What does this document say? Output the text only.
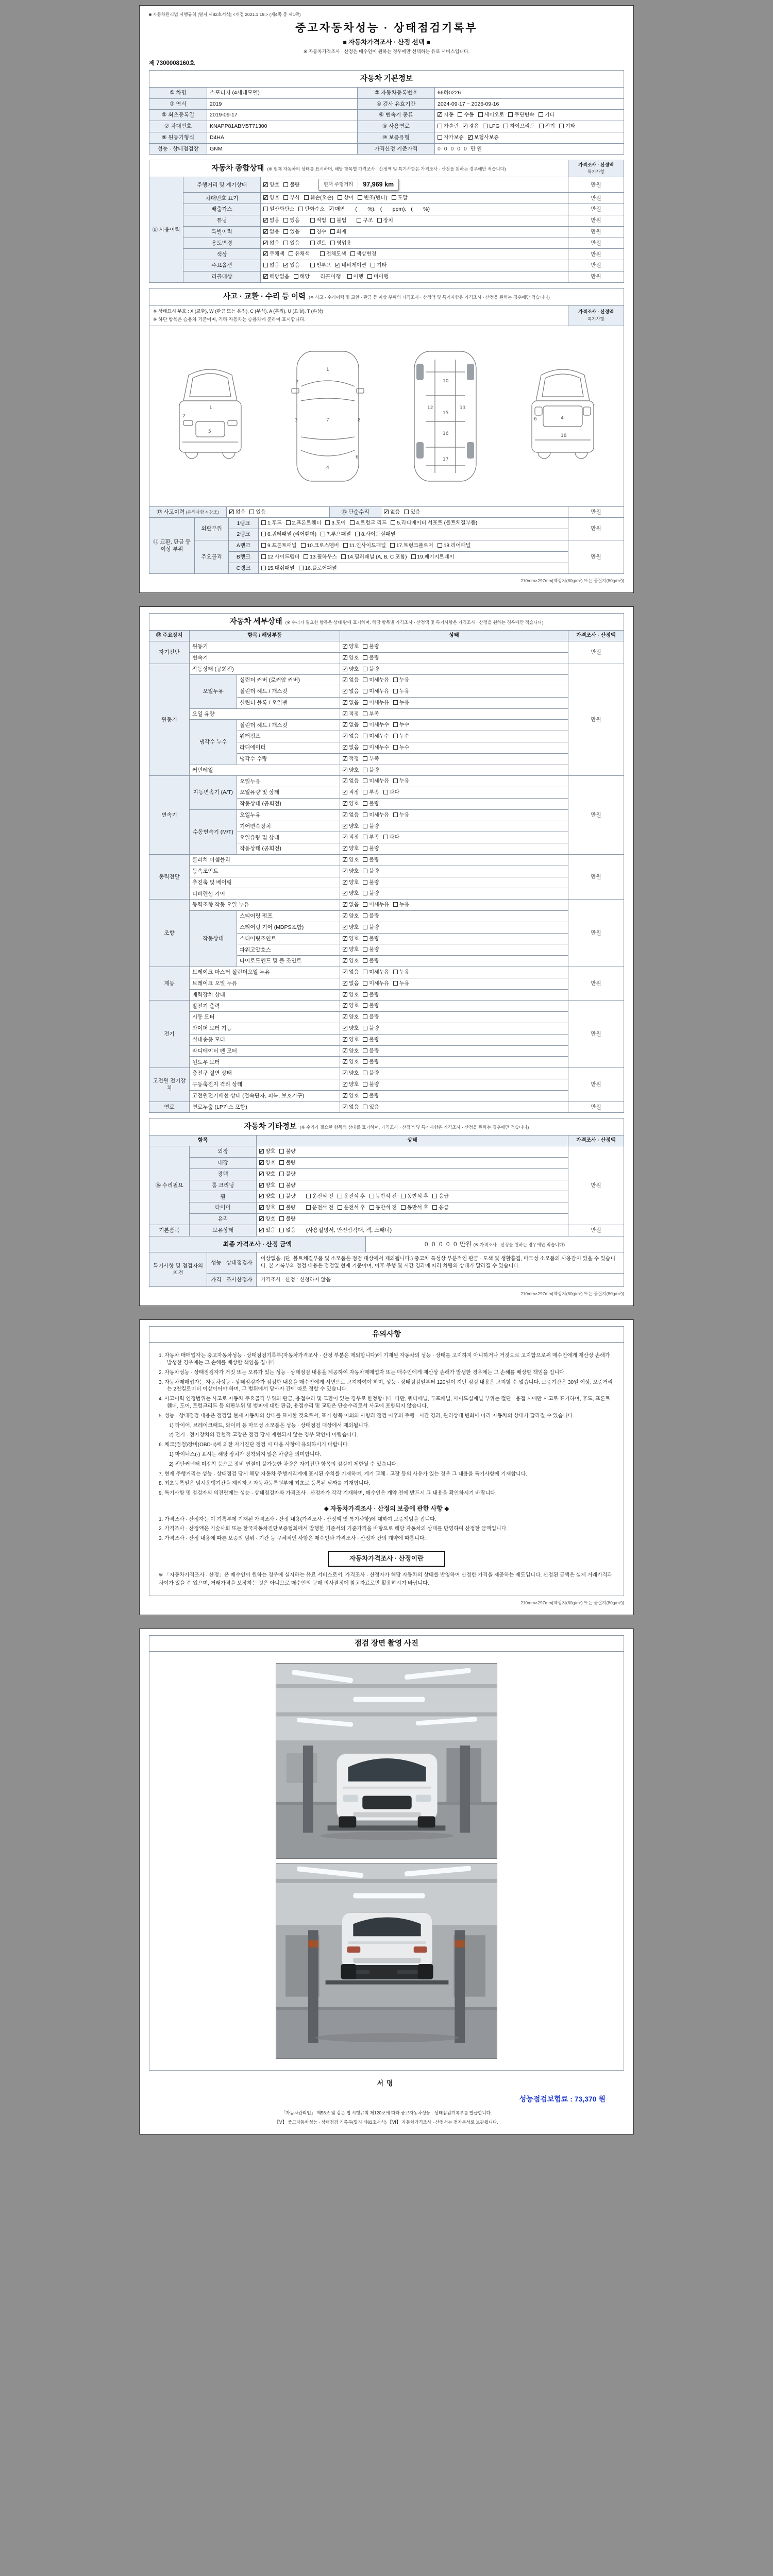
■ 자동차관리법 시행규칙 [별지 제82호서식] <개정 2021.1.19.> (제4쪽 중 제1쪽)
중고자동차성능 · 상태점검기록부
■ 자동차가격조사 · 산정 선택 ■
※ 자동차가격조사 · 산정은 매수인이 원하는 경우에만 선택하는 유료 서비스입니다.
제 7300008160호
자동차 기본정보			
① 차명	스포티지 (4세대모델)	② 자동차등록번호	66하0226
③ 연식	2019	④ 검사 유효기간	2024-09-17 ~ 2026-09-16
⑤ 최초등록일	2019-09-17	⑥ 변속기 종류	✓자동 수동 세미오토 무단변속 기타
⑦ 차대번호	KNAPP81ABM5T71300	⑧ 사용연료	가솔린 ✓ 경유 LPG 하이브리드 전기 기타
⑨ 원동기형식	D4HA	⑩ 보증유형	자가보증 ✓ 보험사보증
성능 · 상태점검장	GNM	가격산정 기준가격	0 0 0 0 0 만원
자동차 종합상태 (※ 현재 자동차의 상태를 표시하며, 해당 항목별 가격조사 · 산정액 및 특기사항은 가격조사 · 산정을 원하는 경우에만 적습니다)			가격조사 · 산정액
특기사항

⑪ 사용이력	주행거리 및 계기상태	✓양호 불량 현재 주행거리 97,969 km	만원
	차대번호 표기	✓양호 부식 훼손(오손) 상이 변조(변타) 도말	만원
	배출가스	일산화탄소 탄화수소 ✓ 매연 (       %),   (       ppm),   (       %)	만원
	튜닝	✓없음 있음 적법 불법 구조 장치	만원
	특별이력	✓없음 있음 침수 화재	만원
	용도변경	✓없음 있음 렌트 영업용	만원
	색상	✓무채색 유채색 전체도색 색상변경	만원
	주요옵션	없음 ✓ 있음 썬루프 ✓ 네비게이션 기타	만원
	리콜대상	✓해당없음 해당 리콜이행 이행 미이행	만원
사고 · 교환 · 수리 등 이력 (※ 사고 · 수리이력 및 교환 · 판금 등 이상 부위의 가격조사 · 산정액 및 특기사항은 가격조사 · 산정을 원하는 경우에만 적습니다)

※ 상태표시 부호 : X (교환), W (판금 또는 용접), C (부식), A (흠집), U (요철), T (손상)
※ 하단 항목은 승용차 기준이며, 기타 자동차는 승용차에 준하여 표시합니다.
	가격조사 · 산정액
특기사항

1
2
5
1
7
4
3	8
6
2	10
12
15
16
17
13
4
6
18
⑫ 사고이력 (유의사항 4 참조)	✓없음 있음	⑬ 단순수리	✓없음 있음	만원
⑭ 교환, 판금 등 이상 부위	외판부위	1랭크	1.후드 2.프론트휀더 3.도어 4.트렁크 리드 5.라디에이터 서포트 (볼트체결부품)	만원
		2랭크	6.쿼터패널 (리어휀더) 7.루프패널 8.사이드실패널	
	주요골격	A랭크	9.프론트패널 10.크로스멤버 11.인사이드패널 17.트렁크플로어 18.리어패널	만원
		B랭크	12.사이드멤버 13.휠하우스 14.필러패널 (A, B, C 포함) 19.패키지트레이	
		C랭크	15.대쉬패널 16.플로어패널	
210mm×297mm[백상지(80g/m²) 또는 중질지(80g/m²)]
자동차 세부상태 (※ 수리가 필요한 항목은 상태 란에 표기하며, 해당 항목별 가격조사 · 산정액 및 특기사항은 가격조사 · 산정을 원하는 경우에만 적습니다)				
⑮ 주요장치	항목 / 해당부품		상태	가격조사 · 산정액
자기진단	원동기	✓양호 불량	만원
	변속기	✓양호 불량
원동기	작동상태 (공회전)	✓양호 불량	만원
	오일누유	실린더 커버 (로커암 커버)	✓없음 미세누유 누유
		실린더 헤드 / 개스킷	✓없음 미세누유 누유
		실린더 블록 / 오일팬	✓없음 미세누유 누유
	오일 유량	✓적정 부족
	냉각수 누수	실린더 헤드 / 개스킷	✓없음 미세누수 누수
		워터펌프	✓없음 미세누수 누수
		라디에이터	✓없음 미세누수 누수
		냉각수 수량	✓적정 부족
	커먼레일	✓양호 불량
변속기	자동변속기 (A/T)	오일누유	✓없음 미세누유 누유	만원
		오일유량 및 상태	✓적정 부족 과다
		작동상태 (공회전)	✓양호 불량
	수동변속기 (M/T)	오일누유	✓없음 미세누유 누유
		기어변속장치	✓양호 불량
		오일유량 및 상태	✓적정 부족 과다
		작동상태 (공회전)	✓양호 불량
동력전달	클러치 어셈블리	✓양호 불량	만원
	등속조인트	✓양호 불량
	추진축 및 베어링	✓양호 불량
	디퍼렌셜 기어	✓양호 불량
조향	동력조향 작동 오일 누유	✓없음 미세누유 누유	만원
	작동상태	스티어링 펌프	✓양호 불량
		스티어링 기어 (MDPS포함)	✓양호 불량
		스티어링조인트	✓양호 불량
		파워고압호스	✓양호 불량
		타이로드엔드 및 볼 조인트	✓양호 불량
제동	브레이크 마스터 실린더오일 누유	✓없음 미세누유 누유	만원
	브레이크 오일 누유	✓없음 미세누유 누유
	배력장치 상태	✓양호 불량
전기	발전기 출력	✓양호 불량	만원
	시동 모터	✓양호 불량
	와이퍼 모터 기능	✓양호 불량
	실내송풍 모터	✓양호 불량
	라디에이터 팬 모터	✓양호 불량
	윈도우 모터	✓양호 불량
고전원 전기장치	충전구 절연 상태	✓양호 불량	만원
	구동축전지 격리 상태	✓양호 불량
	고전원전기배선 상태 (접속단자, 피복, 보호기구)	✓양호 불량
연료	연료누출 (LP가스 포함)	✓없음 있음	만원
자동차 기타정보 (※ 수리가 필요한 항목의 상태를 표기하며, 가격조사 · 산정액 및 특기사항은 가격조사 · 산정을 원하는 경우에만 적습니다)			
항목		상태	가격조사 · 산정액
⑯ 수리필요	외장	✓양호 불량	만원
	내장	✓양호 불량
	광택	✓양호 불량
	룸 크리닝	✓양호 불량
	휠	✓양호 불량 운전석 전 운전석 후 동반석 전 동반석 후 응급
	타이어	✓양호 불량 운전석 전 운전석 후 동반석 전 동반석 후 응급
	유리	✓양호 불량
기본품목	보유상태	✓있음 없음 (사용설명서, 안전삼각대, 잭, 스패너)	만원
최종 가격조사 · 산정 금액	0 0 0 0 0 만원 (※ 가격조사 · 산정을 원하는 경우에만 적습니다)
특기사항 및 점검자의 의견	성능 · 상태점검자	이상없음. (단, 볼트체결부품 및 소모품은 점검 대상에서 제외됩니다.) 중고차 특성상 부분적인 판금 · 도색 및 생활흠집, 마모성 소모품의 사용감이 있을 수 있습니다. 본 기록부의 점검 내용은 점검일 현재 기준이며, 이후 주행 및 시간 경과에 따라 차량의 상태가 달라질 수 있습니다.
	가격 · 조사산정자	가격조사 · 산정 : 신청하지 않음
210mm×297mm[백상지(80g/m²) 또는 중질지(80g/m²)]
유의사항
1. 자동차 매매업자는 중고자동차성능 · 상태점검기록부(자동차가격조사 · 산정 부분은 제외합니다)에 기재된 자동차의 성능 · 상태를 고지하지 아니하거나 거짓으로 고지함으로써 매수인에게 재산상 손해가 발생한 경우에는 그 손해를 배상할 책임을 집니다.
2. 자동차성능 · 상태점검자가 거짓 또는 오류가 있는 성능 · 상태점검 내용을 제공하여 자동차매매업자 또는 매수인에게 재산상 손해가 발생한 경우에는 그 손해를 배상할 책임을 집니다.
3. 자동차매매업자는 자동차성능 · 상태점검자가 점검한 내용을 매수인에게 서면으로 고지하여야 하며, 성능 · 상태점검일부터 120일이 지난 점검 내용은 고지할 수 없습니다. 보증기간은 30일 이상, 보증거리는 2천킬로미터 이상이어야 하며, 그 범위에서 당사자 간에 따로 정할 수 있습니다.
4. 사고이력 인정범위는 사고로 자동차 주요골격 부위의 판금, 용접수리 및 교환이 있는 경우로 한정합니다. 다만, 쿼터패널, 루프패널, 사이드실패널 부위는 절단 · 용접 시에만 사고로 표기하며, 후드, 프론트휀더, 도어, 트렁크리드 등 외판부위 및 범퍼에 대한 판금, 용접수리 및 교환은 단순수리로서 사고에 포함되지 않습니다.
5. 성능 · 상태점검 내용은 점검일 현재 자동차의 상태를 표시한 것으로서, 표기 항목 이외의 사항과 점검 이후의 주행 · 시간 경과, 관리상태 변화에 따라 자동차의 상태가 달라질 수 있습니다.
1) 타이어, 브레이크패드, 와이퍼 등 마모성 소모품은 성능 · 상태점검 대상에서 제외됩니다.
2) 전기 · 전자장치의 간헐적 고장은 점검 당시 재현되지 않는 경우 확인이 어렵습니다.
6. 체크(점검)장비(OBD-Ⅱ)에 의한 자기진단 점검 시 다음 사항에 유의하시기 바랍니다.
1) 마이너스(-) 표시는 해당 장치가 장착되지 않은 차량을 의미합니다.
2) 진단커넥터 미장착 등으로 장비 연결이 불가능한 차량은 자기진단 항목의 점검이 제한될 수 있습니다.
7. 현재 주행거리는 성능 · 상태점검 당시 해당 자동차 주행거리계에 표시된 수치를 기재하며, 계기 교체 · 고장 등의 사유가 있는 경우 그 내용을 특기사항에 기재합니다.
8. 최초등록일은 임시운행기간을 제외하고 자동차등록원부에 최초로 등록된 날짜를 기재합니다.
9. 특기사항 및 점검자의 의견란에는 성능 · 상태점검자와 가격조사 · 산정자가 각각 기재하며, 매수인은 계약 전에 반드시 그 내용을 확인하시기 바랍니다.
◆ 자동차가격조사 · 산정의 보증에 관한 사항 ◆
1. 가격조사 · 산정자는 이 기록부에 기재된 가격조사 · 산정 내용(가격조사 · 산정액 및 특기사항)에 대하여 보증책임을 집니다.
2. 가격조사 · 산정액은 기술사회 또는 한국자동차진단보증협회에서 발행한 기준서의 기준가격을 바탕으로 해당 자동차의 상태를 반영하여 산정한 금액입니다.
3. 가격조사 · 산정 내용에 따른 보증의 범위 · 기간 등 구체적인 사항은 매수인과 가격조사 · 산정자 간의 계약에 따릅니다.
자동차가격조사 · 산정이란
※ 「자동차가격조사 · 산정」은 매수인이 원하는 경우에 실시하는 유료 서비스로서, 가격조사 · 산정자가 해당 자동차의 상태를 반영하여 산정한 가격을 제공하는 제도입니다. 산정된 금액은 실제 거래가격과 차이가 있을 수 있으며, 거래가격을 보장하는 것은 아니므로 매수인의 구매 의사결정에 참고자료로만 활용하시기 바랍니다.
210mm×297mm[백상지(80g/m²) 또는 중질지(80g/m²)]
점검 장면 촬영 사진
서명
성능점검보험료 : 73,370 원
「자동차관리법」 제58조 및 같은 법 시행규칙 제120조에 따라 중고자동차성능 · 상태점검기록부를 발급합니다.
【Ⅴ】 중고자동차성능 · 상태점검 기록부(별지 제82호서식) 【Ⅵ】 자동차가격조사 · 산정서는 전자문서로 보관됩니다.
